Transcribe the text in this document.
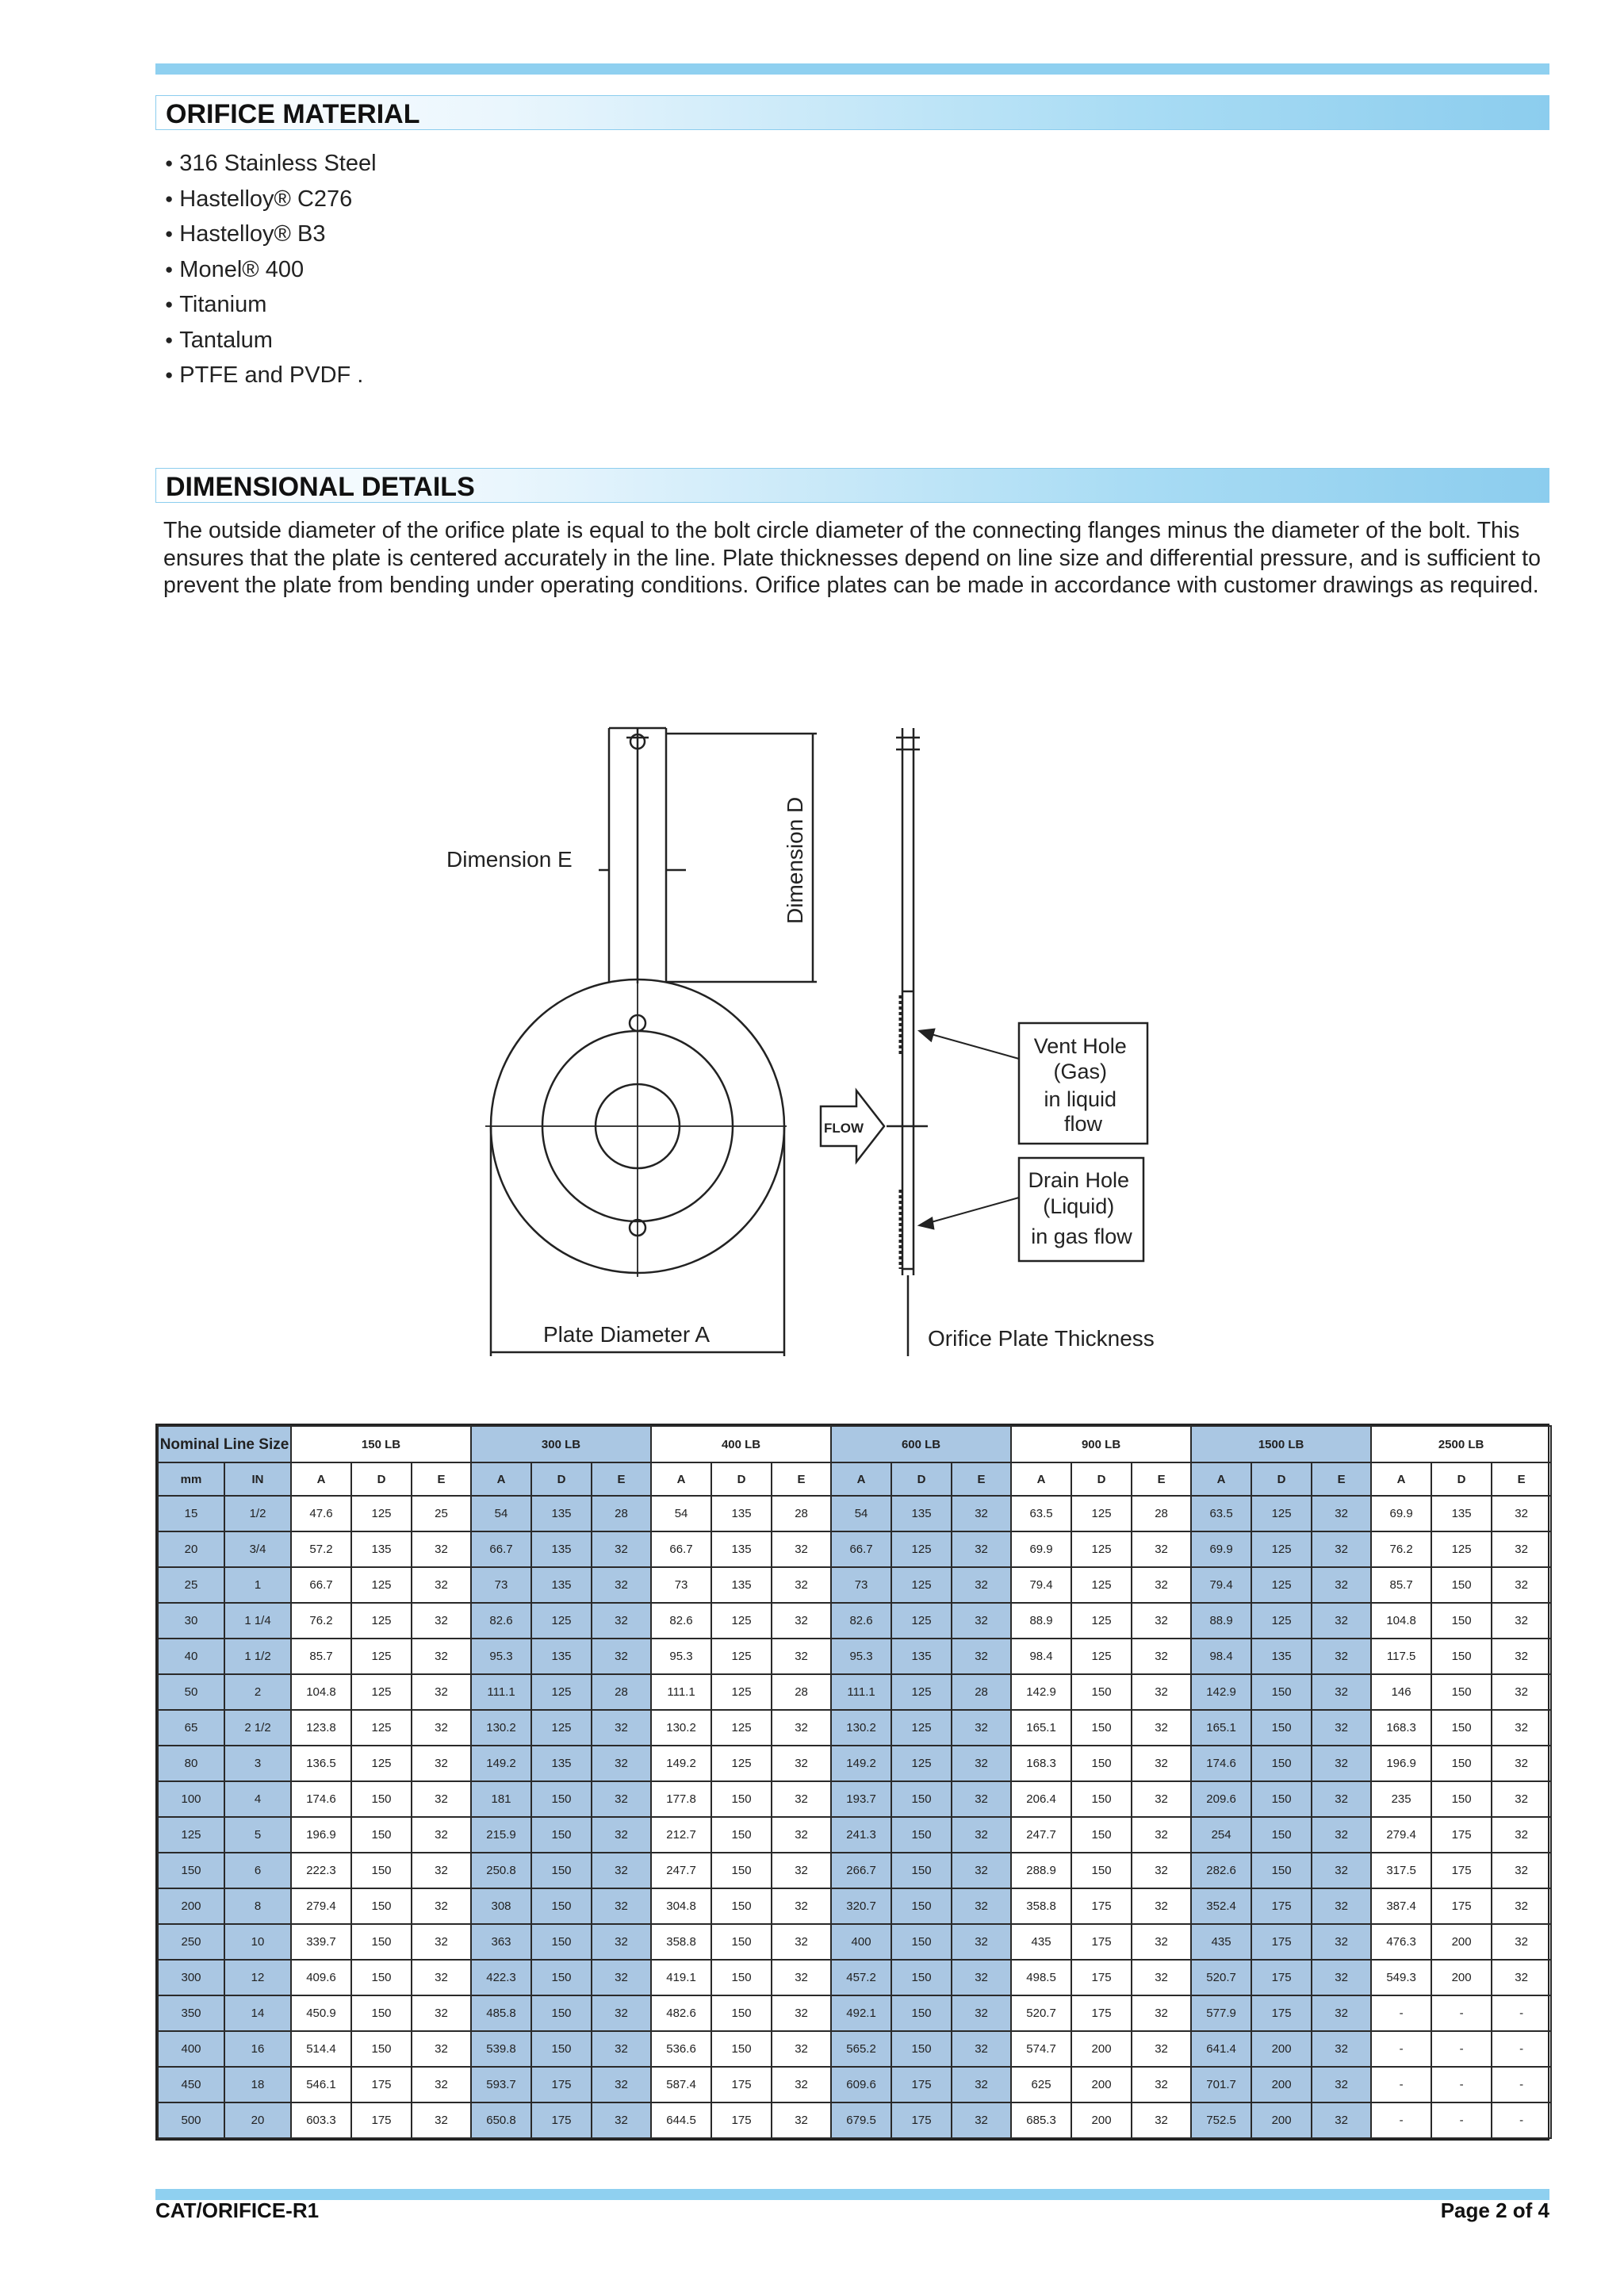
ORIFICE MATERIAL
● 316 Stainless Steel
● Hastelloy® C276
● Hastelloy® B3
● Monel® 400
● Titanium
● Tantalum
● PTFE and PVDF .
DIMENSIONAL DETAILS

The outside diameter of the orifice plate is equal to the bolt circle diameter of the connecting flanges minus the diameter of the bolt. This ensures that the plate is centered accurately in the line. Plate thicknesses depend on line size and differential pressure, and is sufficient to prevent the plate from bending under operating conditions. Orifice plates can be made in accordance with customer drawings as required.

Dimension E	Dimension D
Plate Diameter A
FLOW
Orifice Plate Thickness
Vent Hole (Gas) in liquid flow
Drain Hole (Liquid) in gas flow
Nominal Line Size		150 LB			300 LB			400 LB			600 LB			900 LB			1500 LB			2500 LB		
mm	IN	A	D	E	A	D	E	A	D	E	A	D	E	A	D	E	A	D	E	A	D	E
15	1/2	47.6	125	25	54	135	28	54	135	28	54	135	32	63.5	125	28	63.5	125	32	69.9	135	32
20	3/4	57.2	135	32	66.7	135	32	66.7	135	32	66.7	125	32	69.9	125	32	69.9	125	32	76.2	125	32
25	1	66.7	125	32	73	135	32	73	135	32	73	125	32	79.4	125	32	79.4	125	32	85.7	150	32
30	1 1/4	76.2	125	32	82.6	125	32	82.6	125	32	82.6	125	32	88.9	125	32	88.9	125	32	104.8	150	32
40	1 1/2	85.7	125	32	95.3	135	32	95.3	125	32	95.3	135	32	98.4	125	32	98.4	135	32	117.5	150	32
50	2	104.8	125	32	111.1	125	28	111.1	125	28	111.1	125	28	142.9	150	32	142.9	150	32	146	150	32
65	2 1/2	123.8	125	32	130.2	125	32	130.2	125	32	130.2	125	32	165.1	150	32	165.1	150	32	168.3	150	32
80	3	136.5	125	32	149.2	135	32	149.2	125	32	149.2	125	32	168.3	150	32	174.6	150	32	196.9	150	32
100	4	174.6	150	32	181	150	32	177.8	150	32	193.7	150	32	206.4	150	32	209.6	150	32	235	150	32
125	5	196.9	150	32	215.9	150	32	212.7	150	32	241.3	150	32	247.7	150	32	254	150	32	279.4	175	32
150	6	222.3	150	32	250.8	150	32	247.7	150	32	266.7	150	32	288.9	150	32	282.6	150	32	317.5	175	32
200	8	279.4	150	32	308	150	32	304.8	150	32	320.7	150	32	358.8	175	32	352.4	175	32	387.4	175	32
250	10	339.7	150	32	363	150	32	358.8	150	32	400	150	32	435	175	32	435	175	32	476.3	200	32
300	12	409.6	150	32	422.3	150	32	419.1	150	32	457.2	150	32	498.5	175	32	520.7	175	32	549.3	200	32
350	14	450.9	150	32	485.8	150	32	482.6	150	32	492.1	150	32	520.7	175	32	577.9	175	32	-	-	-
400	16	514.4	150	32	539.8	150	32	536.6	150	32	565.2	150	32	574.7	200	32	641.4	200	32	-	-	-
450	18	546.1	175	32	593.7	175	32	587.4	175	32	609.6	175	32	625	200	32	701.7	200	32	-	-	-
500	20	603.3	175	32	650.8	175	32	644.5	175	32	679.5	175	32	685.3	200	32	752.5	200	32	-	-	-
CAT/ORIFICE-R1	Page 2 of 4
